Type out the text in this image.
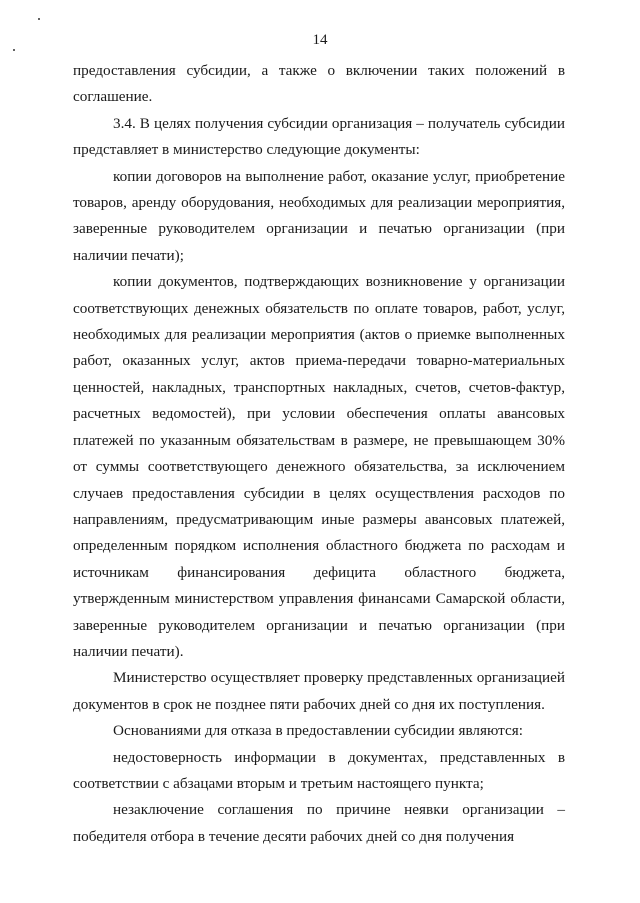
14

предоставления субсидии, а также о включении таких положений в соглашение.

3.4. В целях получения субсидии организация – получатель субсидии представляет в министерство следующие документы:

копии договоров на выполнение работ, оказание услуг, приобретение товаров, аренду оборудования, необходимых для реализации мероприятия, заверенные руководителем организации и печатью организации (при наличии печати);

копии документов, подтверждающих возникновение у организации соответствующих денежных обязательств по оплате товаров, работ, услуг, необходимых для реализации мероприятия (актов о приемке выполненных работ, оказанных услуг, актов приема-передачи товарно-материальных ценностей, накладных, транспортных накладных, счетов, счетов-фактур, расчетных ведомостей), при условии обеспечения оплаты авансовых платежей по указанным обязательствам в размере, не превышающем 30% от суммы соответствующего денежного обязательства, за исключением случаев предоставления субсидии в целях осуществления расходов по направлениям, предусматривающим иные размеры авансовых платежей, определенным порядком исполнения областного бюджета по расходам и источникам финансирования дефицита областного бюджета, утвержденным министерством управления финансами Самарской области, заверенные руководителем организации и печатью организации (при наличии печати).

Министерство осуществляет проверку представленных организацией документов в срок не позднее пяти рабочих дней со дня их поступления.

Основаниями для отказа в предоставлении субсидии являются:

недостоверность информации в документах, представленных в соответствии с абзацами вторым и третьим настоящего пункта;

незаключение соглашения по причине неявки организации – победителя отбора в течение десяти рабочих дней со дня получения
